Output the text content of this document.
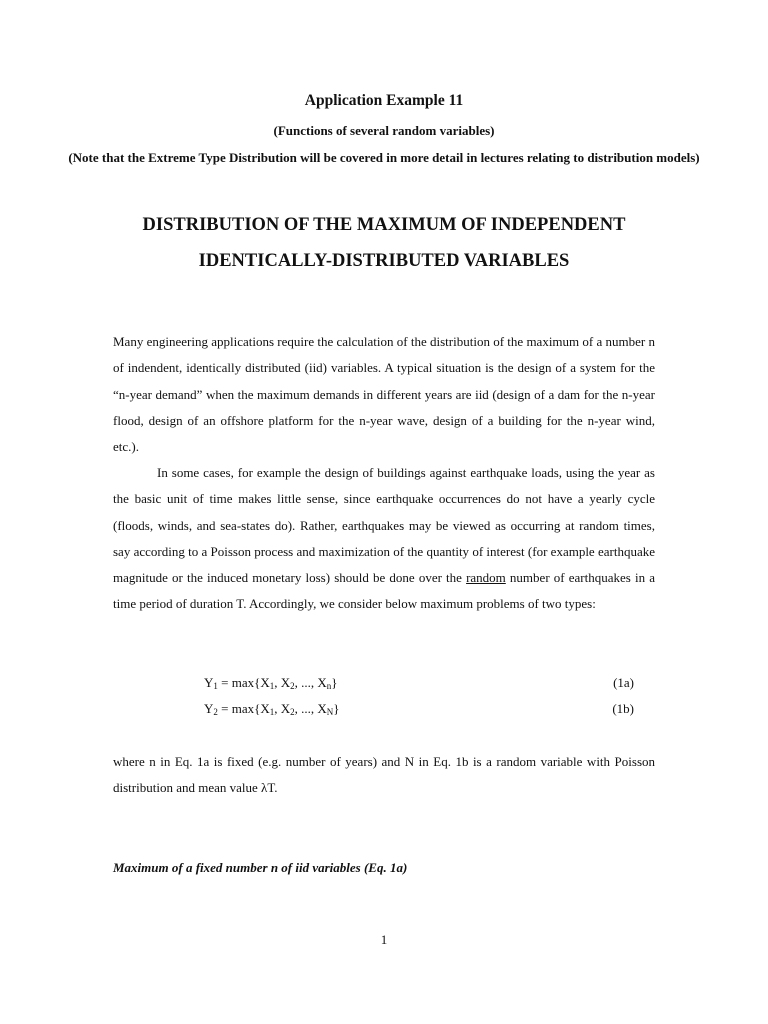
Application Example 11
(Functions of several random variables)
(Note that the Extreme Type Distribution will be covered in more detail in lectures relating to distribution models)
DISTRIBUTION OF THE MAXIMUM OF INDEPENDENT
IDENTICALLY-DISTRIBUTED VARIABLES

Many engineering applications require the calculation of the distribution of the maximum of a number n of indendent, identically distributed (iid) variables. A typical situation is the design of a system for the “n-year demand” when the maximum demands in different years are iid (design of a dam for the n-year flood, design of an offshore platform for the n-year wave, design of a building for the n-year wind, etc.).

In some cases, for example the design of buildings against earthquake loads, using the year as the basic unit of time makes little sense, since earthquake occurrences do not have a yearly cycle (floods, winds, and sea-states do). Rather, earthquakes may be viewed as occurring at random times, say according to a Poisson process and maximization of the quantity of interest (for example earthquake magnitude or the induced monetary loss) should be done over the random number of earthquakes in a time period of duration T. Accordingly, we consider below maximum problems of two types:

$Y_1 = \max\{X_1$, $X_2$, ..., $X_n$}	(1a)
$Y_2 = \max\{X_1$, $X_2$, ..., $X_N$}	(1b)

where n in Eq. 1a is fixed (e.g. number of years) and N in Eq. 1b is a random variable with Poisson distribution and mean value λT.

Maximum of a fixed number n of iid variables (Eq. 1a)
1
